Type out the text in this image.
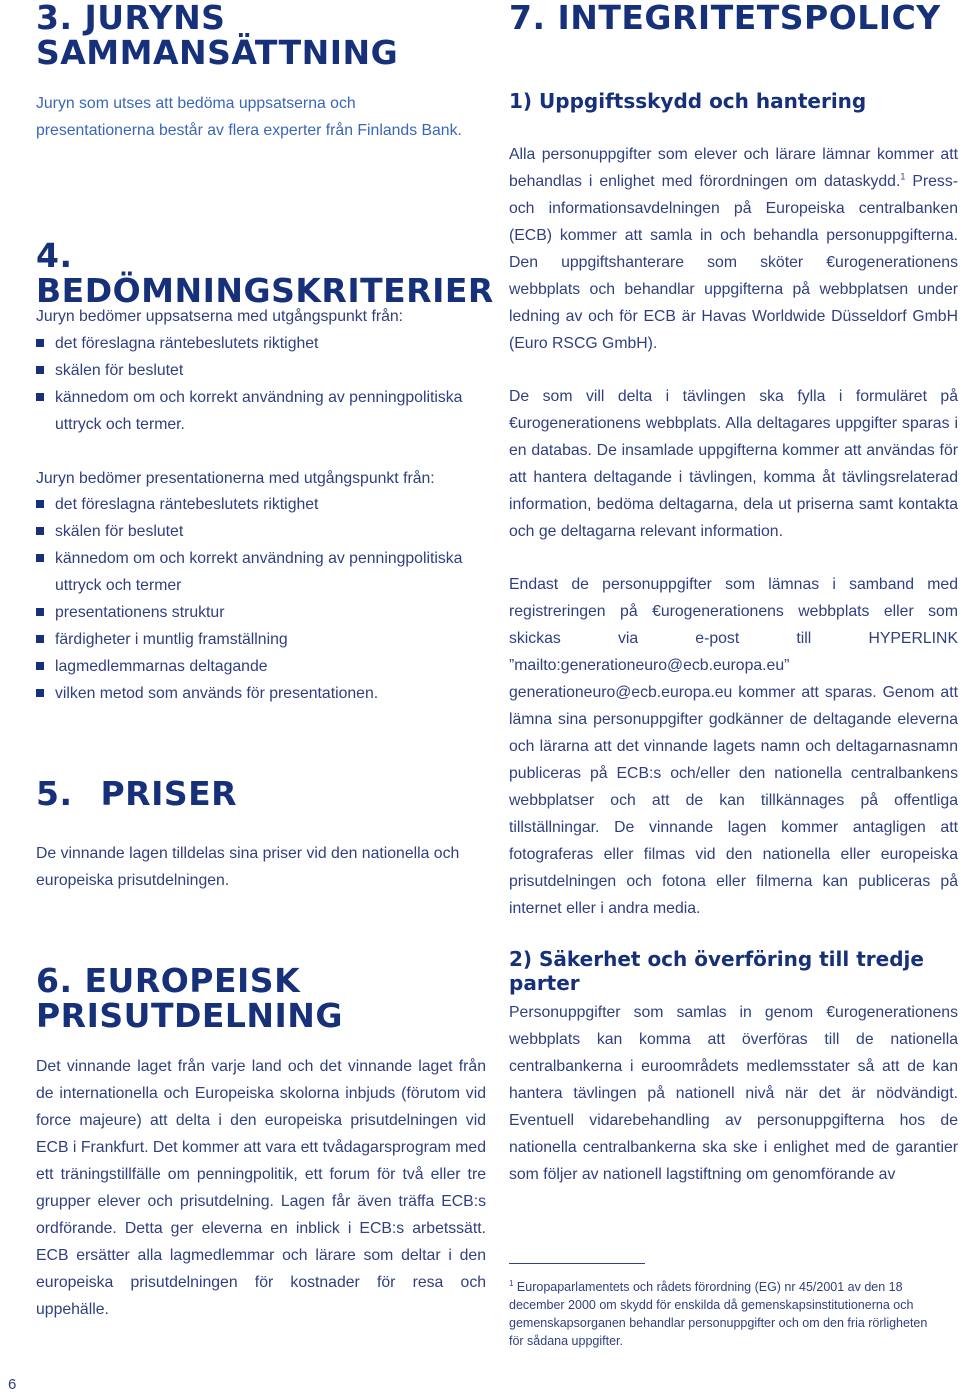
3. JURYNS
SAMMANSÄTTNING

Juryn som utses att bedöma uppsatserna och presentationerna består av flera experter från Finlands Bank.

4. BEDÖMNINGSKRITERIER

Juryn bedömer uppsatserna med utgångspunkt från:

det föreslagna räntebeslutets riktighet
skälen för beslutet
kännedom om och korrekt användning av penningpolitiska uttryck och termer.

Juryn bedömer presentationerna med utgångspunkt från:

det föreslagna räntebeslutets riktighet
skälen för beslutet
kännedom om och korrekt användning av penningpolitiska uttryck och termer
presentationens struktur
färdigheter i muntlig framställning
lagmedlemmarnas deltagande
vilken metod som används för presentationen.
5. PRISER

De vinnande lagen tilldelas sina priser vid den nationella och europeiska prisutdelningen.

6. EUROPEISK
PRISUTDELNING

Det vinnande laget från varje land och det vinnande laget från de internationella och Europeiska skolorna inbjuds (förutom vid force majeure) att delta i den europeiska prisutdelningen vid ECB i Frankfurt. Det kommer att vara ett tvådagarsprogram med ett träningstillfälle om penningpolitik, ett forum för två eller tre grupper elever och prisutdelning. Lagen får även träffa ECB:s ordförande. Detta ger eleverna en inblick i ECB:s arbetssätt. ECB ersätter alla lagmedlemmar och lärare som deltar i den europeiska prisutdelningen för kostnader för resa och uppehälle.

7. INTEGRITETSPOLICY
1) Uppgiftsskydd och hantering

Alla personuppgifter som elever och lärare lämnar kommer att behandlas i enlighet med förordningen om dataskydd.$^1$ Press- och informationsavdelningen på Europeiska centralbanken (ECB) kommer att samla in och behandla personuppgifterna. Den uppgiftshanterare som sköter €urogenerationens webbplats och behandlar uppgifterna på webbplatsen under ledning av och för ECB är Havas Worldwide Düsseldorf GmbH (Euro RSCG GmbH).

De som vill delta i tävlingen ska fylla i formuläret på €urogenerationens webbplats. Alla deltagares uppgifter sparas i en databas. De insamlade uppgifterna kommer att användas för att hantera deltagande i tävlingen, komma åt tävlingsrelaterad information, bedöma deltagarna, dela ut priserna samt kontakta och ge deltagarna relevant information.

Endast de personuppgifter som lämnas i samband med registreringen på €urogenerationens webbplats eller som skickas via e-post till HYPERLINK ”mailto:generationeuro@ecb.europa.eu” generationeuro@ecb.europa.eu kommer att sparas. Genom att lämna sina personuppgifter godkänner de deltagande eleverna och lärarna att det vinnande lagets namn och deltagarnasnamn publiceras på ECB:s och/eller den nationella centralbankens webbplatser och att de kan tillkännages på offentliga tillställningar. De vinnande lagen kommer antagligen att fotograferas eller filmas vid den nationella eller europeiska prisutdelningen och fotona eller filmerna kan publiceras på internet eller i andra media.

2) Säkerhet och överföring till tredje parter

Personuppgifter som samlas in genom €urogenerationens webbplats kan komma att överföras till de nationella centralbankerna i euroområdets medlemsstater så att de kan hantera tävlingen på nationell nivå när det är nödvändigt. Eventuell vidarebehandling av personuppgifterna hos de nationella centralbankerna ska ske i enlighet med de garantier som följer av nationell lagstiftning om genomförande av

$^1$ Europaparlamentets och rådets förordning (EG) nr 45/2001 av den 18 december 2000 om skydd för enskilda då gemenskapsinstitutionerna och gemenskapsorganen behandlar personuppgifter och om den fria rörligheten för sådana uppgifter.

6
